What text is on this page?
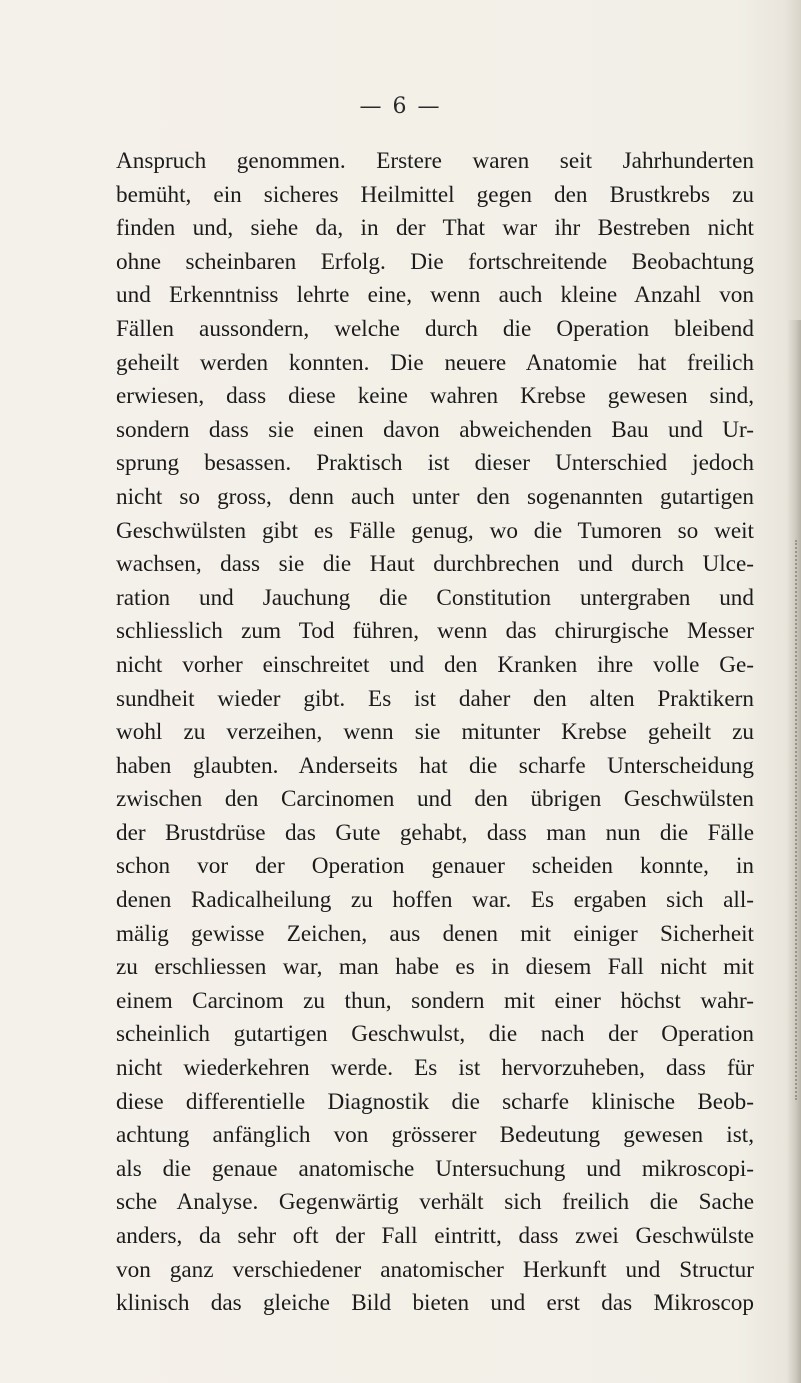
— 6 —
Anspruch genommen. Erstere waren seit Jahrhunderten
bemüht, ein sicheres Heilmittel gegen den Brustkrebs zu
finden und, siehe da, in der That war ihr Bestreben nicht
ohne scheinbaren Erfolg. Die fortschreitende Beobachtung
und Erkenntniss lehrte eine, wenn auch kleine Anzahl von
Fällen aussondern, welche durch die Operation bleibend
geheilt werden konnten. Die neuere Anatomie hat freilich
erwiesen, dass diese keine wahren Krebse gewesen sind,
sondern dass sie einen davon abweichenden Bau und Ur-
sprung besassen. Praktisch ist dieser Unterschied jedoch
nicht so gross, denn auch unter den sogenannten gutartigen
Geschwülsten gibt es Fälle genug, wo die Tumoren so weit
wachsen, dass sie die Haut durchbrechen und durch Ulce-
ration und Jauchung die Constitution untergraben und
schliesslich zum Tod führen, wenn das chirurgische Messer
nicht vorher einschreitet und den Kranken ihre volle Ge-
sundheit wieder gibt. Es ist daher den alten Praktikern
wohl zu verzeihen, wenn sie mitunter Krebse geheilt zu
haben glaubten. Anderseits hat die scharfe Unterscheidung
zwischen den Carcinomen und den übrigen Geschwülsten
der Brustdrüse das Gute gehabt, dass man nun die Fälle
schon vor der Operation genauer scheiden konnte, in
denen Radicalheilung zu hoffen war. Es ergaben sich all-
mälig gewisse Zeichen, aus denen mit einiger Sicherheit
zu erschliessen war, man habe es in diesem Fall nicht mit
einem Carcinom zu thun, sondern mit einer höchst wahr-
scheinlich gutartigen Geschwulst, die nach der Operation
nicht wiederkehren werde. Es ist hervorzuheben, dass für
diese differentielle Diagnostik die scharfe klinische Beob-
achtung anfänglich von grösserer Bedeutung gewesen ist,
als die genaue anatomische Untersuchung und mikroscopi-
sche Analyse. Gegenwärtig verhält sich freilich die Sache
anders, da sehr oft der Fall eintritt, dass zwei Geschwülste
von ganz verschiedener anatomischer Herkunft und Structur
klinisch das gleiche Bild bieten und erst das Mikroscop
